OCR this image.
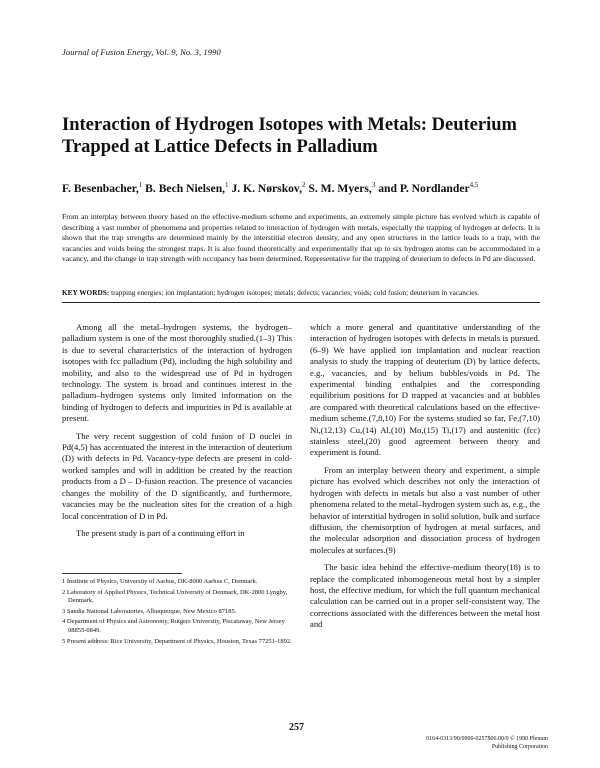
Journal of Fusion Energy, Vol. 9, No. 3, 1990
Interaction of Hydrogen Isotopes with Metals: Deuterium Trapped at Lattice Defects in Palladium
F. Besenbacher,$^1$ B. Bech Nielsen,$^1$ J. K. Nørskov,$^2$ S. M. Myers,$^3$ and P. Nordlander$^{4,5}$
From an interplay between theory based on the effective-medium scheme and experiments, an extremely simple picture has evolved which is capable of describing a vast number of phenomena and properties related to interaction of hydrogen with metals, especially the trapping of hydrogen at defects. It is shown that the trap strengths are determined mainly by the interstitial electron density, and any open structures in the lattice leads to a trap, with the vacancies and voids being the strongest traps. It is also found theoretically and experimentally that up to six hydrogen atoms can be accommodated in a vacancy, and the change in trap strength with occupancy has been determined. Representative for the trapping of deuterium to defects in Pd are discussed.
KEY WORDS: trapping energies; ion implantation; hydrogen isotopes; metals; defects; vacancies; voids; cold fusion; deuterium in vacancies.

Among all the metal–hydrogen systems, the hydrogen–palladium system is one of the most thoroughly studied.(1–3) This is due to several characteristics of the interaction of hydrogen isotopes with fcc palladium (Pd), including the high solubility and mobility, and also to the widespread use of Pd in hydrogen technology. The system is broad and continues interest in the palladium–hydrogen systems only limited information on the binding of hydrogen to defects and impurities in Pd is available at present.

The very recent suggestion of cold fusion of D nuclei in Pd(4,5) has accentuated the interest in the interaction of deuterium (D) with defects in Pd. Vacancy-type defects are present in cold-worked samples and will in addition be created by the reaction products from a D – D-fusion reaction. The presence of vacancies changes the mobility of the D significantly, and furthermore, vacancies may be the nucleation sites for the creation of a high local concentration of D in Pd.

The present study is part of a continuing effort in

1 Institute of Physics, University of Aarhus, DK-8000 Aarhus C, Denmark.
2 Laboratory of Applied Physics, Technical University of Denmark, DK-2800 Lyngby, Denmark.
3 Sandia National Laboratories, Albuquerque, New Mexico 87185.
4 Department of Physics and Astronomy, Rutgers University, Piscataway, New Jersey 08855-0849.
5 Present address: Rice University, Department of Physics, Houston, Texas 77251-1892.

which a more general and quantitative understanding of the interaction of hydrogen isotopes with defects in metals is pursued.(6–9) We have applied ion implantation and nuclear reaction analysis to study the trapping of deuterium (D) by lattice defects, e.g., vacancies, and by helium bubbles/voids in Pd. The experimental binding enthalpies and the corresponding equilibrium positions for D trapped at vacancies and at bubbles are compared with theoretical calculations based on the effective-medium scheme.(7,8,10) For the systems studied so far, Fe,(7,10) Ni,(12,13) Cu,(14) Al,(10) Mo,(15) Ti,(17) and austenitic (fcc) stainless steel,(20) good agreement between theory and experiment is found.

From an interplay between theory and experiment, a simple picture has evolved which describes not only the interaction of hydrogen with defects in metals but also a vast number of other phenomena related to the metal–hydrogen system such as, e.g., the behavior of interstitial hydrogen in solid solution, bulk and surface diffusion, the chemisorption of hydrogen at metal surfaces, and the molecular adsorption and dissociation process of hydrogen molecules at surfaces.(9)

The basic idea behind the effective-medium theory(18) is to replace the complicated inhomogeneous metal host by a simpler host, the effective medium, for which the full quantum mechanical calculation can be carried out in a proper self-consistent way. The corrections associated with the differences between the metal host and

257
0164-0313/90/0900-0257$06.00/0 © 1990 Plenum Publishing Corporation
